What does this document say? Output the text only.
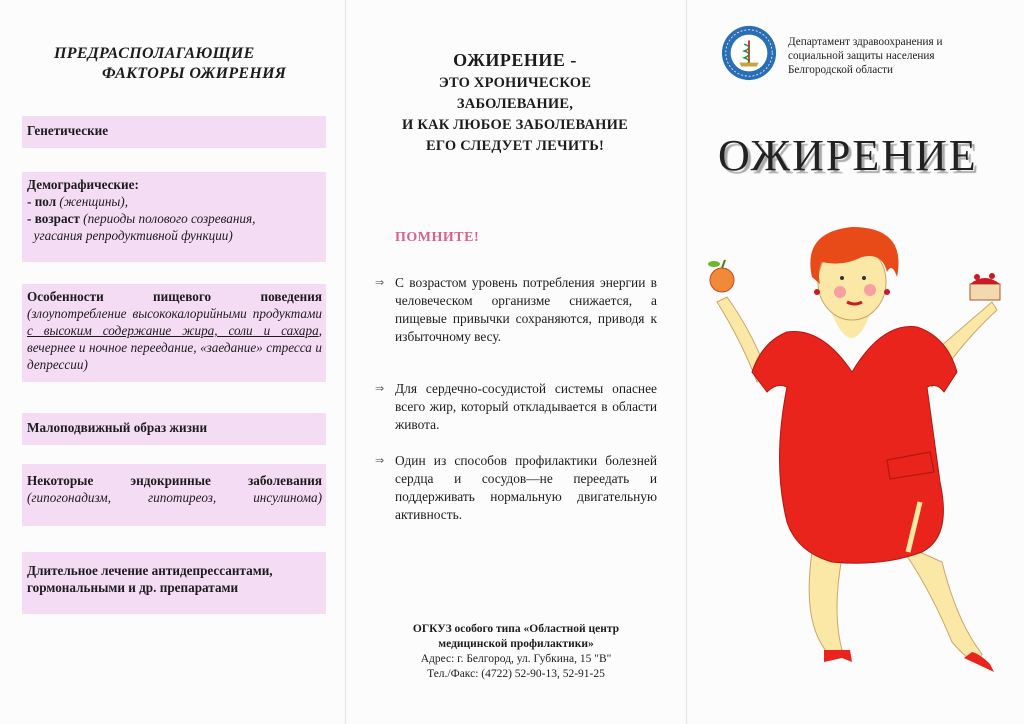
ПРЕДРАСПОЛАГАЮЩИЕ
ФАКТОРЫ ОЖИРЕНИЯ
Генетические
Демографические:
- пол (женщины),
- возраст (периоды полового созревания,
угасания репродуктивной функции)
Особенности пищевого поведения
(злоупотребление высококалорийными продуктами с высоким содержание жира, соли и сахара, вечернее и ночное переедание, «заедание» стресса и депрессии)
Малоподвижный образ жизни
Некоторые эндокринные заболевания
(гипогонадизм, гипотиреоз, инсулинома)
Длительное лечение антидепрессантами, гормональными и др. препаратами
ОЖИРЕНИЕ -
ЭТО ХРОНИЧЕСКОЕ
ЗАБОЛЕВАНИЕ,
И КАК ЛЮБОЕ ЗАБОЛЕВАНИЕ
ЕГО СЛЕДУЕТ ЛЕЧИТЬ!
ПОМНИТЕ!
⇒ С возрастом уровень потребления энергии в человеческом организме снижается, а пищевые привычки сохраняются, приводя к избыточному весу.
⇒ Для сердечно-сосудистой системы опаснее всего жир, который откладывается в области живота.
⇒ Один из способов профилактики болезней сердца и сосудов—не переедать и поддерживать нормальную двигательную активность.
ОГКУЗ особого типа «Областной центр
медицинской профилактики»
Адрес: г. Белгород, ул. Губкина, 15 "В"
Тел./Факс: (4722) 52-90-13, 52-91-25
Департамент здравоохранения и
социальной защиты населения
Белгородской области
ОЖИРЕНИЕ
